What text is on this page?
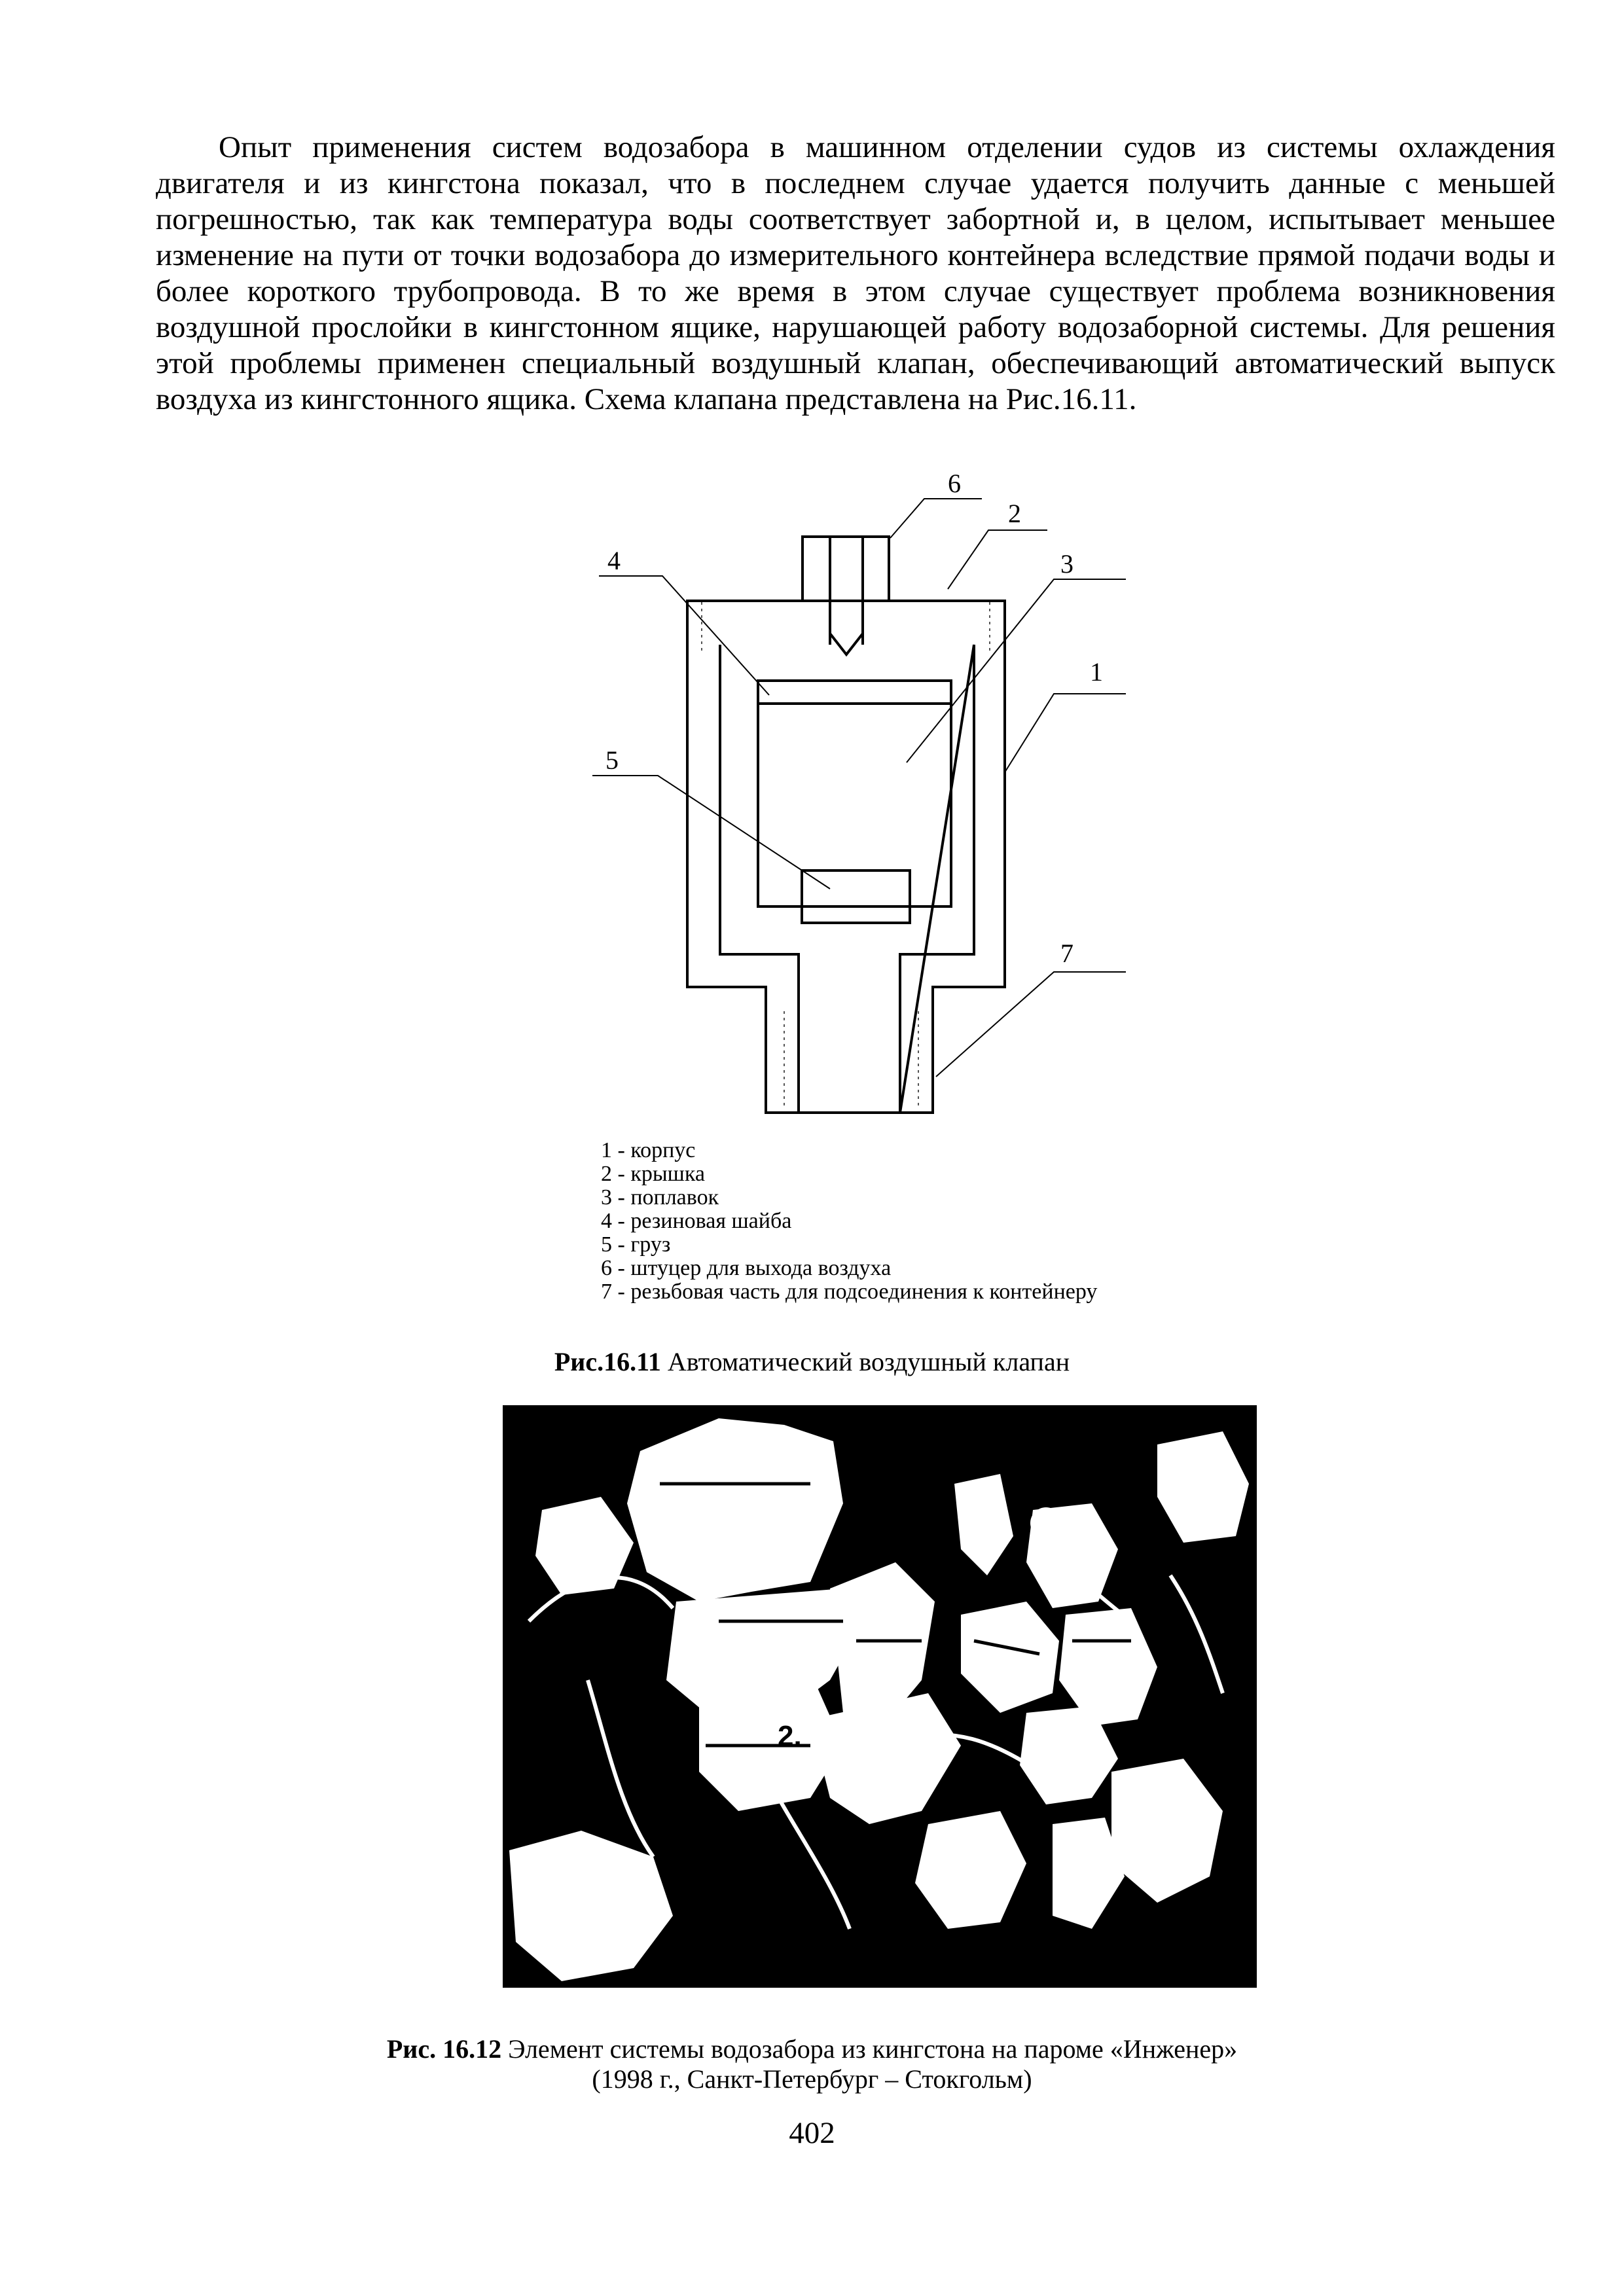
Опыт применения систем водозабора в машинном отделении судов из системы охлаждения двигателя и из кингстона показал, что в последнем случае удается получить данные с меньшей погрешностью, так как температура воды соответствует забортной и, в целом, испытывает меньшее изменение на пути от точки водозабора до измерительного контейнера вследствие прямой подачи воды и более короткого трубопровода. В то же время в этом случае существует проблема возникновения воздушной прослойки в кингстонном ящике, нарушающей работу водозаборной системы. Для решения этой проблемы применен специальный воздушный клапан, обеспечивающий автоматический выпуск воздуха из кингстонного ящика. Схема клапана представлена на Рис.16.11.

6
2
3
4
1
5
7
1 - корпус
2 - крышка
3 - поплавок
4 - резиновая шайба
5 - груз
6 - штуцер для выхода воздуха
7 - резьбовая часть для подсоединения к контейнеру
Рис.16.11 Автоматический воздушный клапан
2.
Рис. 16.12 Элемент системы водозабора из кингстона на пароме «Инженер»
(1998 г., Санкт-Петербург – Стокгольм)
402
